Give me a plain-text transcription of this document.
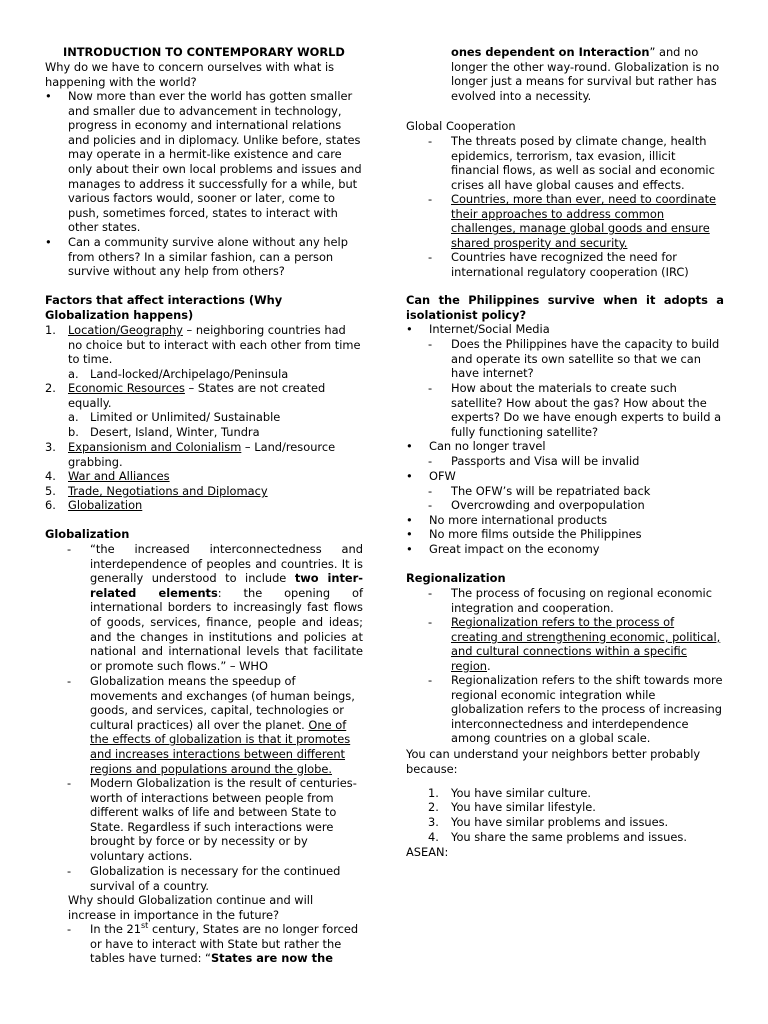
INTRODUCTION TO CONTEMPORARY WORLD
Why do we have to concern ourselves with what is happening with the world?
• Now more than ever the world has gotten smaller and smaller due to advancement in technology, progress in economy and international relations and policies and in diplomacy. Unlike before, states may operate in a hermit-like existence and care only about their own local problems and issues and manages to address it successfully for a while, but various factors would, sooner or later, come to push, sometimes forced, states to interact with other states.
• Can a community survive alone without any help from others? In a similar fashion, can a person survive without any help from others?
Factors that affect interactions (Why Globalization happens)
1. Location/Geography – neighboring countries had no choice but to interact with each other from time to time.
a. Land-locked/Archipelago/Peninsula
2. Economic Resources – States are not created equally.
a. Limited or Unlimited/ Sustainable
b. Desert, Island, Winter, Tundra
3. Expansionism and Colonialism – Land/resource grabbing.
4. War and Alliances
5. Trade, Negotiations and Diplomacy
6. Globalization
Globalization
- “the increased interconnectedness and interdependence of peoples and countries. It is generally understood to include two inter-related elements: the opening of international borders to increasingly fast flows of goods, services, finance, people and ideas; and the changes in institutions and policies at national and international levels that facilitate or promote such flows.” – WHO
- Globalization means the speedup of movements and exchanges (of human beings, goods, and services, capital, technologies or cultural practices) all over the planet. One of the effects of globalization is that it promotes and increases interactions between different regions and populations around the globe.
- Modern Globalization is the result of centuries-worth of interactions between people from different walks of life and between State to State. Regardless if such interactions were brought by force or by necessity or by voluntary actions.
- Globalization is necessary for the continued survival of a country.
Why should Globalization continue and will increase in importance in the future?
- In the 21st century, States are no longer forced or have to interact with State but rather the tables have turned: “States are now the
ones dependent on Interaction” and no longer the other way-round. Globalization is no longer just a means for survival but rather has evolved into a necessity.
Global Cooperation
- The threats posed by climate change, health epidemics, terrorism, tax evasion, illicit financial flows, as well as social and economic crises all have global causes and effects.
- Countries, more than ever, need to coordinate their approaches to address common challenges, manage global goods and ensure shared prosperity and security.
- Countries have recognized the need for international regulatory cooperation (IRC)
Can the Philippines survive when it adopts a isolationist policy?
• Internet/Social Media
- Does the Philippines have the capacity to build and operate its own satellite so that we can have internet?
- How about the materials to create such satellite? How about the gas? How about the experts? Do we have enough experts to build a fully functioning satellite?
• Can no longer travel
- Passports and Visa will be invalid
• OFW
- The OFW’s will be repatriated back
- Overcrowding and overpopulation
• No more international products
• No more films outside the Philippines
• Great impact on the economy
Regionalization
- The process of focusing on regional economic integration and cooperation.
- Regionalization refers to the process of creating and strengthening economic, political, and cultural connections within a specific region.
- Regionalization refers to the shift towards more regional economic integration while globalization refers to the process of increasing interconnectedness and interdependence among countries on a global scale.
You can understand your neighbors better probably because:
1. You have similar culture.
2. You have similar lifestyle.
3. You have similar problems and issues.
4. You share the same problems and issues.
ASEAN:
